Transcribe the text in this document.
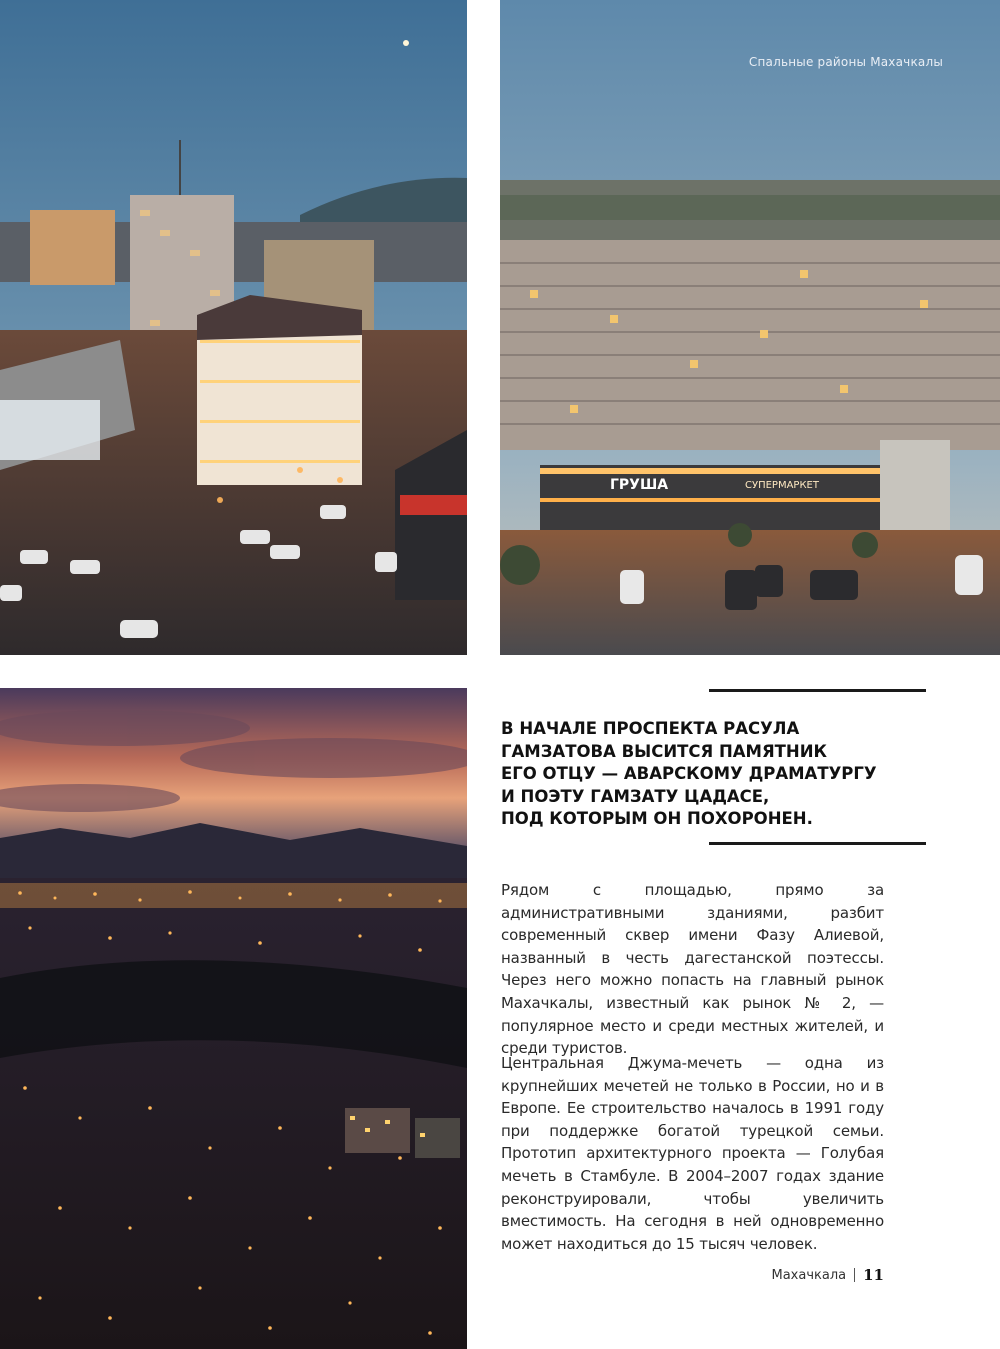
ГРУША	СУПЕРМАРКЕТ
Спальные районы Махачкалы
В НАЧАЛЕ ПРОСПЕКТА РАСУЛА
ГАМЗАТОВА ВЫСИТСЯ ПАМЯТНИК
ЕГО ОТЦУ — АВАРСКОМУ ДРАМАТУРГУ
И ПОЭТУ ГАМЗАТУ ЦАДАСЕ,
ПОД КОТОРЫМ ОН ПОХОРОНЕН.

Рядом с площадью, прямо за административными зданиями, разбит современный сквер имени Фазу Алиевой, названный в честь дагестанской поэтессы. Через него можно попасть на главный рынок Махачкалы, известный как рынок № 2, — популярное место и среди местных жителей, и среди туристов.

Центральная Джума-мечеть — одна из крупнейших мечетей не только в России, но и в Европе. Ее строительство началось в 1991 году при поддержке богатой турецкой семьи. Прототип архитектурного проекта — Голубая мечеть в Стамбуле. В 2004–2007 годах здание реконструировали, чтобы увеличить вместимость. На сегодня в ней одновременно может находиться до 15 тысяч человек.

Махачкала 11
